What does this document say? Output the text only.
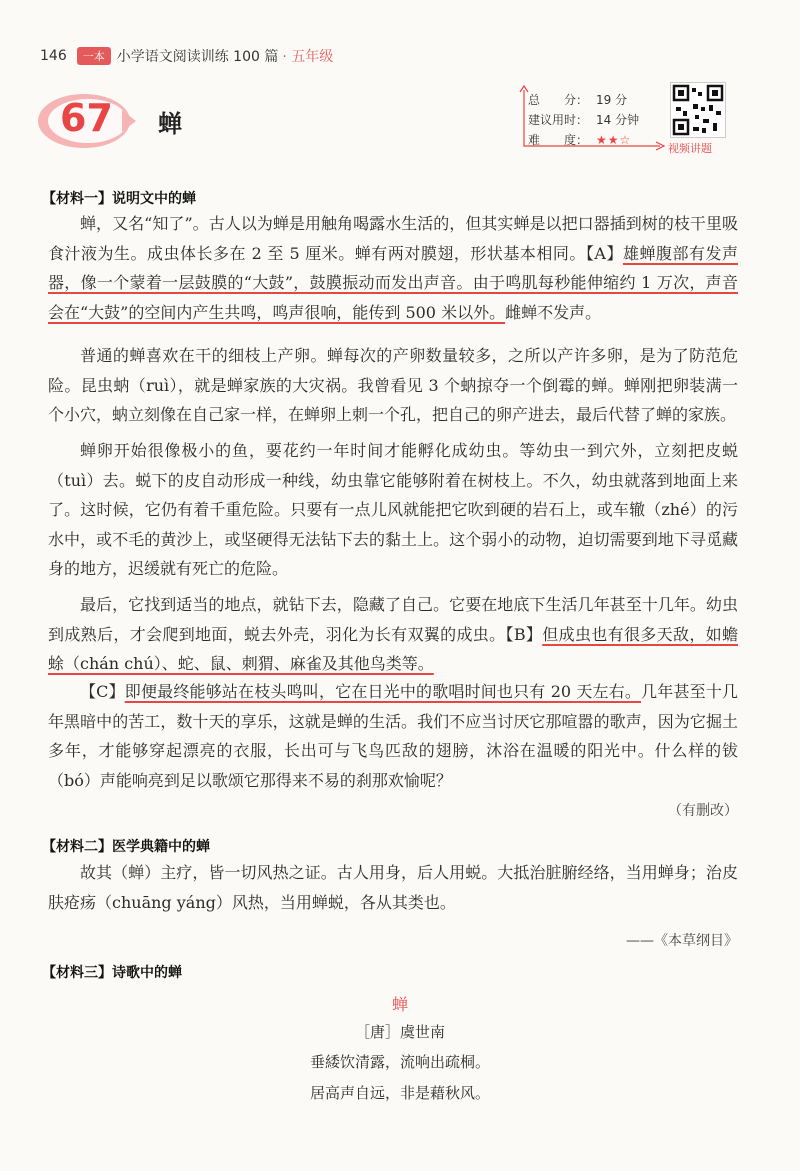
146	一本 小学语文阅读训练 100 篇 · 五年级
67 蝉
总　　分： 19 分
建议用时： 14 分钟
难　　度： ★★☆
视频讲题
【材料一】说明文中的蝉
蝉，又名“知了”。古人以为蝉是用触角喝露水生活的，但其实蝉是以把口器插到树的枝干里吸食汁液为生。成虫体长多在 2 至 5 厘米。蝉有两对膜翅，形状基本相同。【A】雄蝉腹部有发声器，像一个蒙着一层鼓膜的“大鼓”，鼓膜振动而发出声音。由于鸣肌每秒能伸缩约 1 万次，声音会在“大鼓”的空间内产生共鸣，鸣声很响，能传到 500 米以外。雌蝉不发声。
普通的蝉喜欢在干的细枝上产卵。蝉每次的产卵数量较多，之所以产许多卵，是为了防范危险。昆虫蚋（ruì），就是蝉家族的大灾祸。我曾看见 3 个蚋掠夺一个倒霉的蝉。蝉刚把卵装满一个小穴，蚋立刻像在自己家一样，在蝉卵上刺一个孔，把自己的卵产进去，最后代替了蝉的家族。
蝉卵开始很像极小的鱼，要花约一年时间才能孵化成幼虫。等幼虫一到穴外，立刻把皮蜕（tuì）去。蜕下的皮自动形成一种线，幼虫靠它能够附着在树枝上。不久，幼虫就落到地面上来了。这时候，它仍有着千重危险。只要有一点儿风就能把它吹到硬的岩石上，或车辙（zhé）的污水中，或不毛的黄沙上，或坚硬得无法钻下去的黏土上。这个弱小的动物，迫切需要到地下寻觅藏身的地方，迟缓就有死亡的危险。
最后，它找到适当的地点，就钻下去，隐藏了自己。它要在地底下生活几年甚至十几年。幼虫到成熟后，才会爬到地面，蜕去外壳，羽化为长有双翼的成虫。【B】但成虫也有很多天敌，如蟾蜍（chán chú）、蛇、鼠、刺猬、麻雀及其他鸟类等。
【C】即便最终能够站在枝头鸣叫，它在日光中的歌唱时间也只有 20 天左右。几年甚至十几年黑暗中的苦工，数十天的享乐，这就是蝉的生活。我们不应当讨厌它那喧嚣的歌声，因为它掘土多年，才能够穿起漂亮的衣服，长出可与飞鸟匹敌的翅膀，沐浴在温暖的阳光中。什么样的钹（bó）声能响亮到足以歌颂它那得来不易的刹那欢愉呢？
（有删改）
【材料二】医学典籍中的蝉
故其（蝉）主疗，皆一切风热之证。古人用身，后人用蜕。大抵治脏腑经络，当用蝉身；治皮肤疮疡（chuāng yáng）风热，当用蝉蜕，各从其类也。
——《本草纲目》
【材料三】诗歌中的蝉
蝉
［唐］虞世南
垂緌饮清露，流响出疏桐。
居高声自远，非是藉秋风。
